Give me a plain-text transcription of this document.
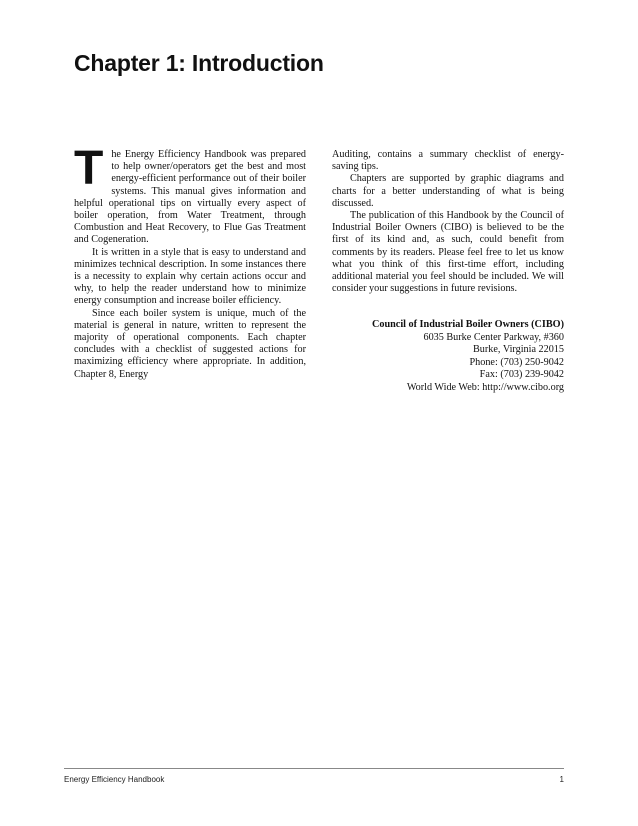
Chapter 1: Introduction

The Energy Efficiency Handbook was prepared to help owner/operators get the best and most energy-efficient performance out of their boiler systems. This manual gives information and helpful operational tips on virtually every aspect of boiler operation, from Water Treatment, through Combustion and Heat Recovery, to Flue Gas Treatment and Cogeneration.

It is written in a style that is easy to understand and minimizes technical description. In some instances there is a necessity to explain why certain actions occur and why, to help the reader understand how to minimize energy consumption and increase boiler efficiency.

Since each boiler system is unique, much of the material is general in nature, written to represent the majority of operational components. Each chapter concludes with a checklist of suggested actions for maximizing efficiency where appropriate. In addition, Chapter 8, Energy

Auditing, contains a summary checklist of energy-saving tips.

Chapters are supported by graphic diagrams and charts for a better understanding of what is being discussed.

The publication of this Handbook by the Council of Industrial Boiler Owners (CIBO) is believed to be the first of its kind and, as such, could benefit from comments by its readers. Please feel free to let us know what you think of this first-time effort, including additional material you feel should be included. We will consider your suggestions in future revisions.

Council of Industrial Boiler Owners (CIBO)
6035 Burke Center Parkway, #360
Burke, Virginia 22015
Phone: (703) 250-9042
Fax: (703) 239-9042
World Wide Web: http://www.cibo.org
Energy Efficiency Handbook	1
